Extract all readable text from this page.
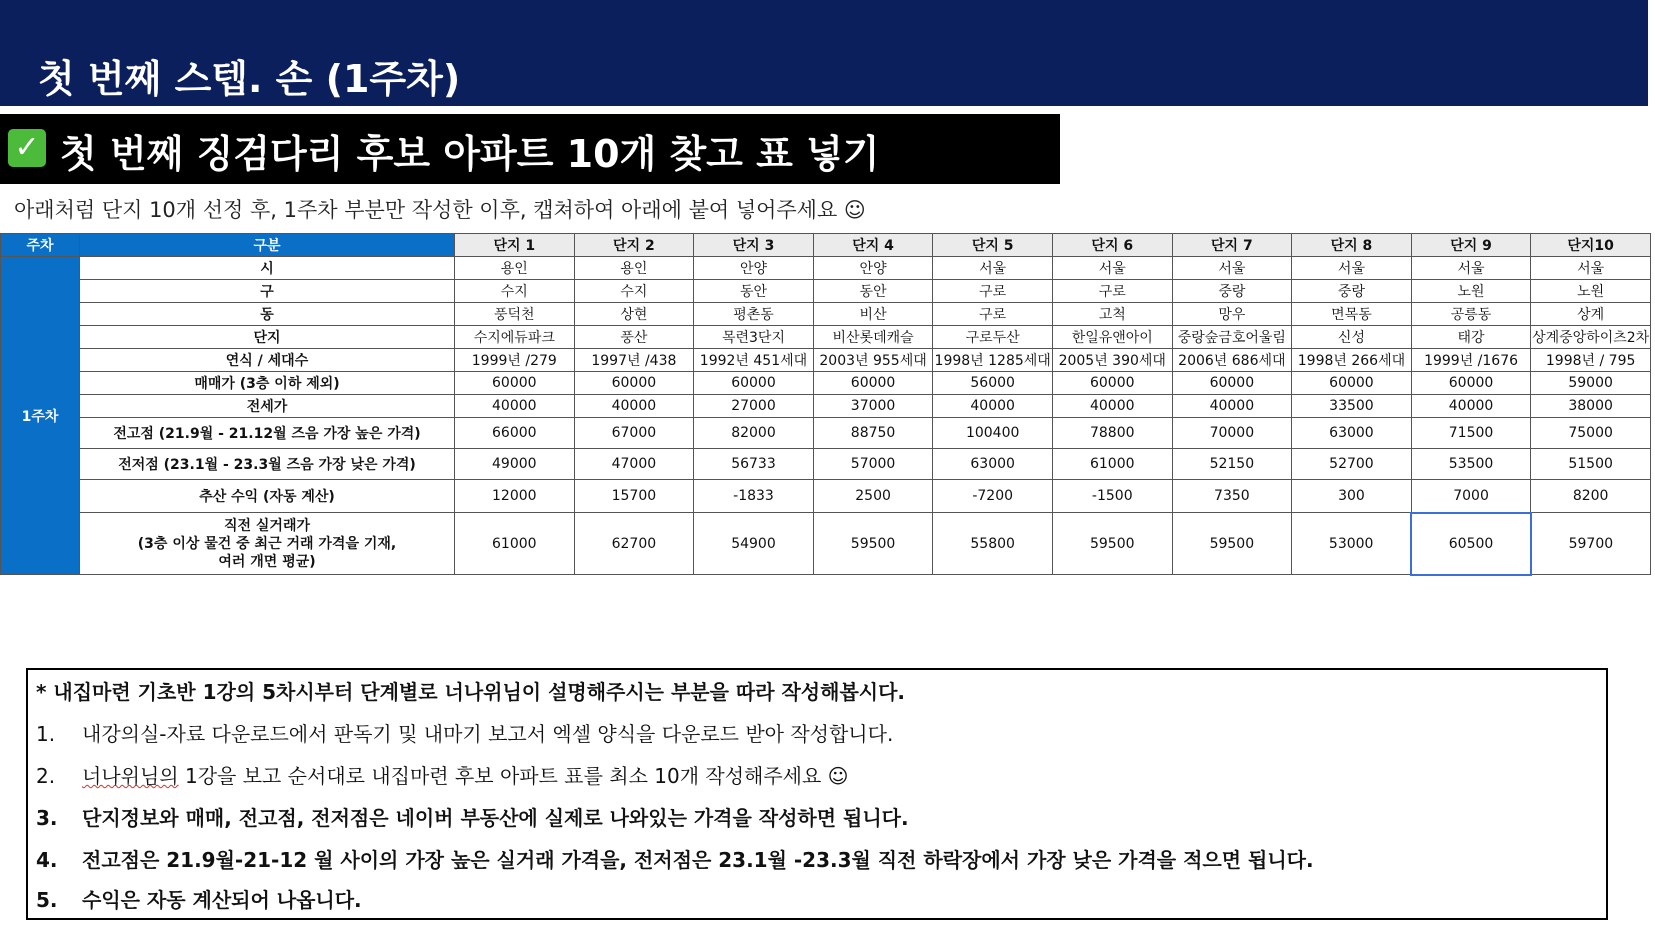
첫 번째 스텝. 손 (1주차)
✓ 첫 번째 징검다리 후보 아파트 10개 찾고 표 넣기
아래처럼 단지 10개 선정 후, 1주차 부분만 작성한 이후, 캡쳐하여 아래에 붙여 넣어주세요 ☺
주차	구분	단지 1	단지 2	단지 3	단지 4	단지 5	단지 6	단지 7	단지 8	단지 9	단지10
1주차	시	용인	용인	안양	안양	서울	서울	서울	서울	서울	서울
	구	수지	수지	동안	동안	구로	구로	중랑	중랑	노원	노원
	동	풍덕천	상현	평촌동	비산	구로	고척	망우	면목동	공릉동	상계
	단지	수지에듀파크	풍산	목련3단지	비산롯데캐슬	구로두산	한일유앤아이	중랑숲금호어울림	신성	태강	상계중앙하이츠2차
	연식 / 세대수	1999년 /279	1997년 /438	1992년 451세대	2003년 955세대	1998년 1285세대	2005년 390세대	2006년 686세대	1998년 266세대	1999년 /1676	1998년 / 795
	매매가 (3층 이하 제외)	60000	60000	60000	60000	56000	60000	60000	60000	60000	59000
	전세가	40000	40000	27000	37000	40000	40000	40000	33500	40000	38000
	전고점 (21.9월 - 21.12월 즈음 가장 높은 가격)	66000	67000	82000	88750	100400	78800	70000	63000	71500	75000
	전저점 (23.1월 - 23.3월 즈음 가장 낮은 가격)	49000	47000	56733	57000	63000	61000	52150	52700	53500	51500
	추산 수익 (자동 계산)	12000	15700	-1833	2500	-7200	-1500	7350	300	7000	8200

	직전 실거래가
(3층 이상 물건 중 최근 거래 가격을 기재,
여러 개면 평균)	61000	62700	54900	59500	55800	59500	59500	53000	60500	59700
* 내집마련 기초반 1강의 5차시부터 단계별로 너나위님이 설명해주시는 부분을 따라 작성해봅시다.
1. 내강의실-자료 다운로드에서 판독기 및 내마기 보고서 엑셀 양식을 다운로드 받아 작성합니다.
2. 너나위님의 1강을 보고 순서대로 내집마련 후보 아파트 표를 최소 10개 작성해주세요 ☺
3. 단지정보와 매매, 전고점, 전저점은 네이버 부동산에 실제로 나와있는 가격을 작성하면 됩니다.
4. 전고점은 21.9월-21-12 월 사이의 가장 높은 실거래 가격을, 전저점은 23.1월 -23.3월 직전 하락장에서 가장 낮은 가격을 적으면 됩니다.
5. 수익은 자동 계산되어 나옵니다.
